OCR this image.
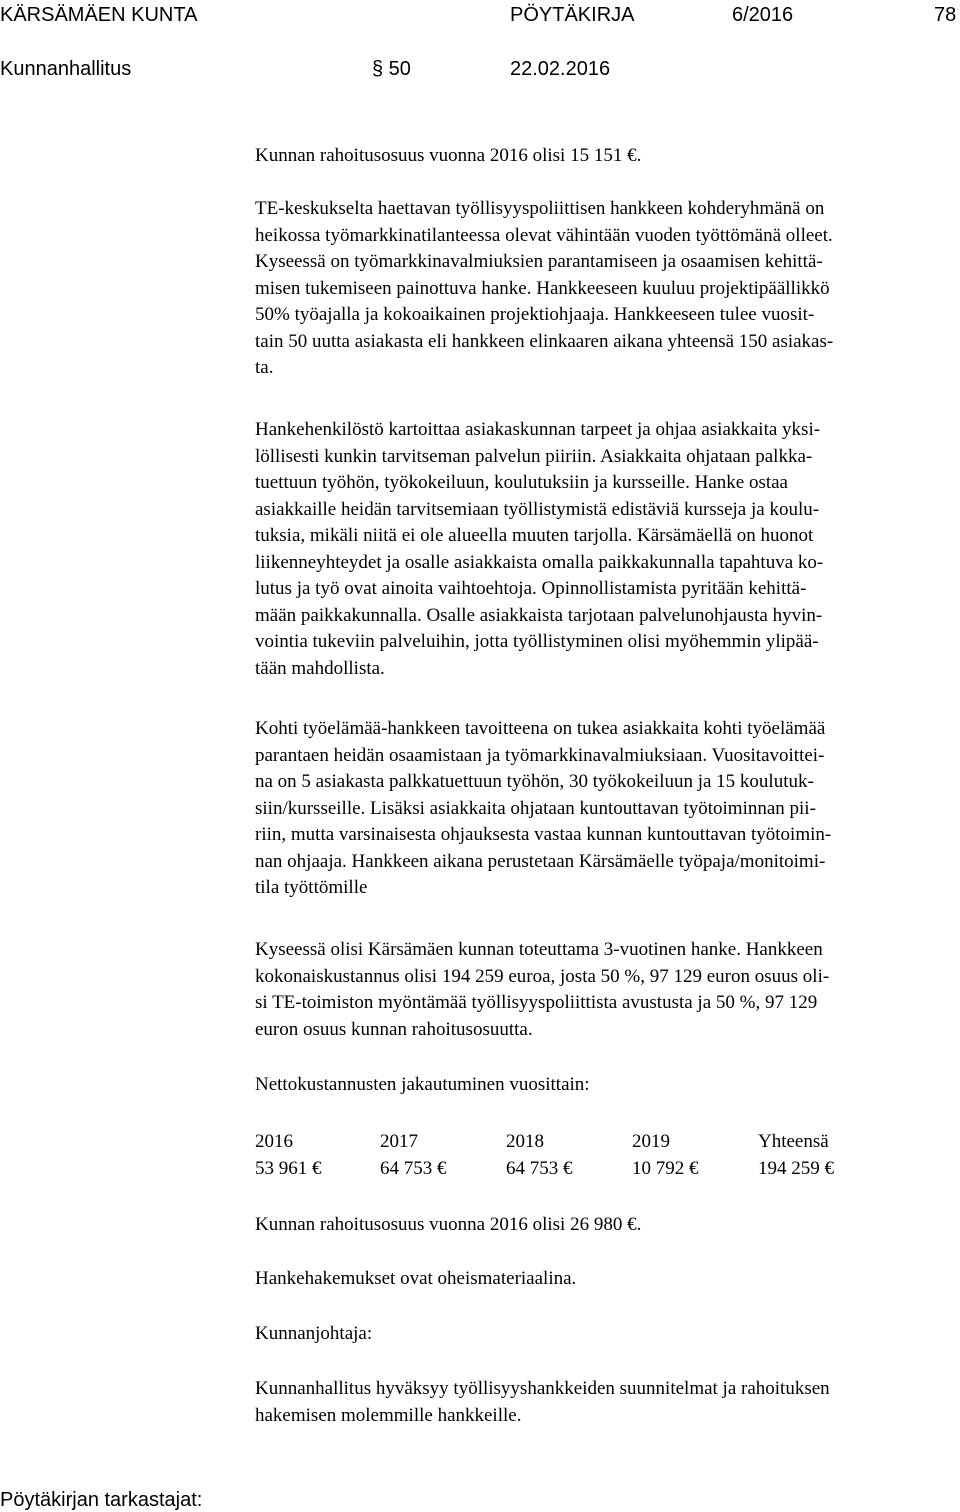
KÄRSÄMÄEN KUNTA	PÖYTÄKIRJA	6/2016	78
Kunnanhallitus	§ 50	22.02.2016
Kunnan rahoitusosuus vuonna 2016 olisi 15 151 €.
TE-keskukselta haettavan työllisyyspoliittisen hankkeen kohderyhmänä on
heikossa työmarkkinatilanteessa olevat vähintään vuoden työttömänä olleet.
Kyseessä on työmarkkinavalmiuksien parantamiseen ja osaamisen kehittä-
misen tukemiseen painottuva hanke. Hankkeeseen kuuluu projektipäällikkö
50% työajalla ja kokoaikainen projektiohjaaja. Hankkeeseen tulee vuosit-
tain 50 uutta asiakasta eli hankkeen elinkaaren aikana yhteensä 150 asiakas-
ta.
Hankehenkilöstö kartoittaa asiakaskunnan tarpeet ja ohjaa asiakkaita yksi-
löllisesti kunkin tarvitseman palvelun piiriin. Asiakkaita ohjataan palkka-
tuettuun työhön, työkokeiluun, koulutuksiin ja kursseille. Hanke ostaa
asiakkaille heidän tarvitsemiaan työllistymistä edistäviä kursseja ja koulu-
tuksia, mikäli niitä ei ole alueella muuten tarjolla. Kärsämäellä on huonot
liikenneyhteydet ja osalle asiakkaista omalla paikkakunnalla tapahtuva ko-
lutus ja työ ovat ainoita vaihtoehtoja. Opinnollistamista pyritään kehittä-
mään paikkakunnalla. Osalle asiakkaista tarjotaan palvelunohjausta hyvin-
vointia tukeviin palveluihin, jotta työllistyminen olisi myöhemmin ylipää-
tään mahdollista.
Kohti työelämää-hankkeen tavoitteena on tukea asiakkaita kohti työelämää
parantaen heidän osaamistaan ja työmarkkinavalmiuksiaan. Vuositavoittei-
na on 5 asiakasta palkkatuettuun työhön, 30 työkokeiluun ja 15 koulutuk-
siin/kursseille. Lisäksi asiakkaita ohjataan kuntouttavan työtoiminnan pii-
riin, mutta varsinaisesta ohjauksesta vastaa kunnan kuntouttavan työtoimin-
nan ohjaaja. Hankkeen aikana perustetaan Kärsämäelle työpaja/monitoimi-
tila työttömille
Kyseessä olisi Kärsämäen kunnan toteuttama 3-vuotinen hanke. Hankkeen
kokonaiskustannus olisi 194 259 euroa, josta 50 %, 97 129 euron osuus oli-
si TE-toimiston myöntämää työllisyyspoliittista avustusta ja 50 %, 97 129
euron osuus kunnan rahoitusosuutta.
Nettokustannusten jakautuminen vuosittain:
2016	2017	2018	2019	Yhteensä
53 961 €	64 753 €	64 753 €	10 792 €	194 259 €
Kunnan rahoitusosuus vuonna 2016 olisi 26 980 €.
Hankehakemukset ovat oheismateriaalina.
Kunnanjohtaja:
Kunnanhallitus hyväksyy työllisyyshankkeiden suunnitelmat ja rahoituksen
hakemisen molemmille hankkeille.
Pöytäkirjan tarkastajat:
